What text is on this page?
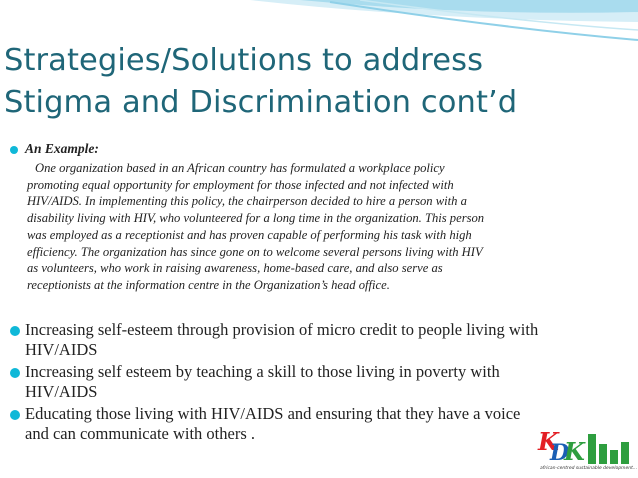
Strategies/Solutions to address
Stigma and Discrimination cont’d
An Example:
One organization based in an African country has formulated a workplace policy
promoting equal opportunity for employment for those infected and not infected with
HIV/AIDS. In implementing this policy, the chairperson decided to hire a person with a
disability living with HIV, who volunteered for a long time in the organization. This person
was employed as a receptionist and has proven capable of performing his task with high
efficiency. The organization has since gone on to welcome several persons living with HIV
as volunteers, who work in raising awareness, home-based care, and also serve as
receptionists at the information centre in the Organization’s head office.
Increasing self-esteem through provision of micro credit to people living with
HIV/AIDS
Increasing self esteem by teaching a skill to those living in poverty with
HIV/AIDS
Educating those living with HIV/AIDS and ensuring that they have a voice
and can communicate with others .	K
D
K
african-centred sustainable development...
